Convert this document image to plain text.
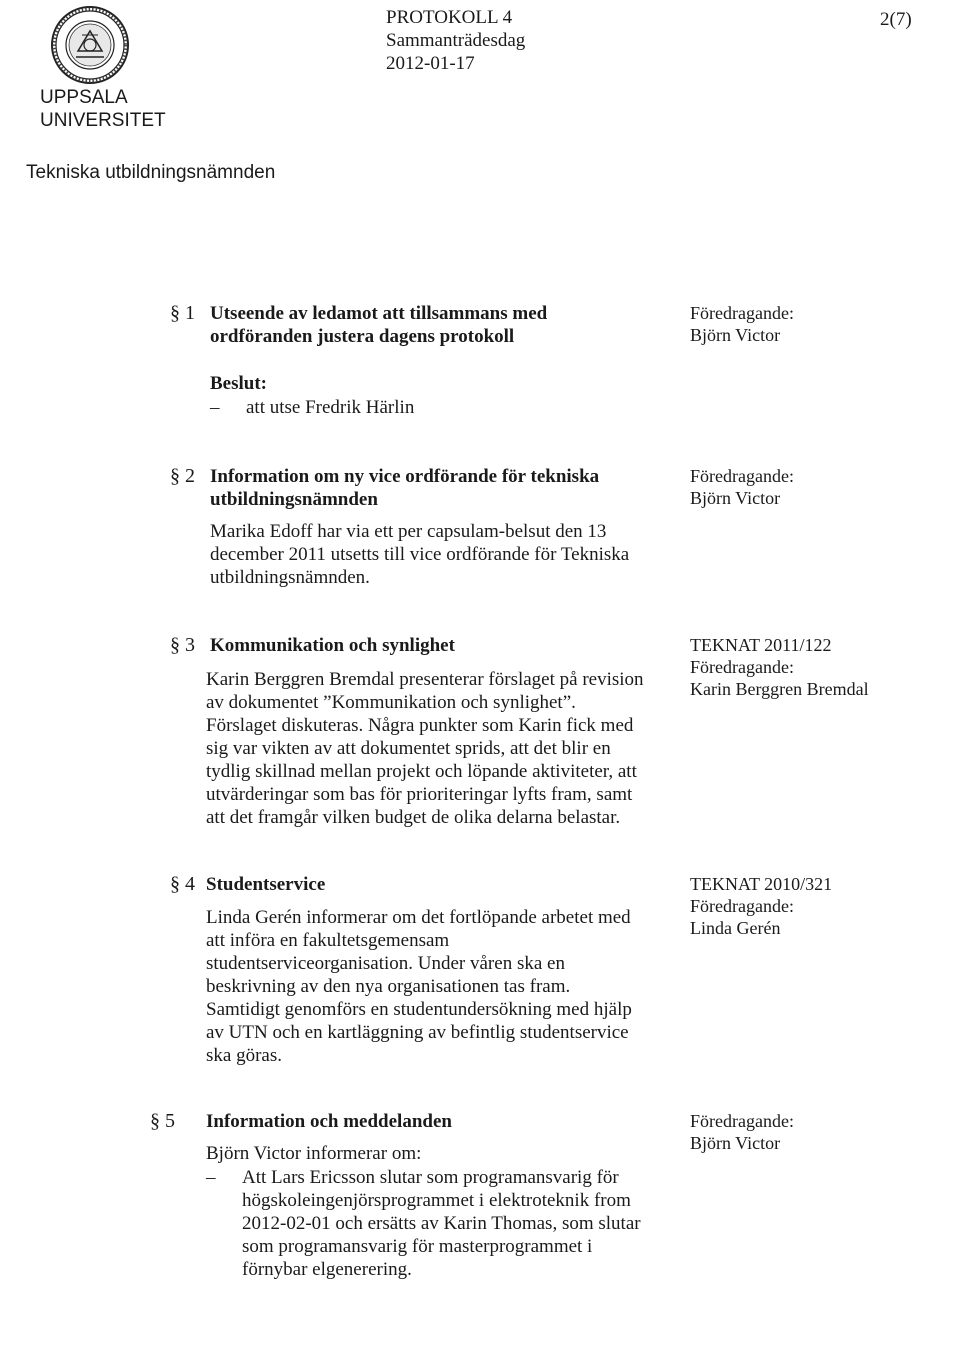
UPPSALA
UNIVERSITET
Tekniska utbildningsnämnden
PROTOKOLL 4
Sammanträdesdag
2012-01-17
2(7)
§ 1 Utseende av ledamot att tillsammans med
ordföranden justera dagens protokoll
Beslut:
– att utse Fredrik Härlin
Föredragande:
Björn Victor
§ 2 Information om ny vice ordförande för tekniska
utbildningsnämnden
Marika Edoff har via ett per capsulam-belsut den 13
december 2011 utsetts till vice ordförande för Tekniska
utbildningsnämnden.
Föredragande:
Björn Victor
§ 3 Kommunikation och synlighet
Karin Berggren Bremdal presenterar förslaget på revision
av dokumentet ”Kommunikation och synlighet”.
Förslaget diskuteras. Några punkter som Karin fick med
sig var vikten av att dokumentet sprids, att det blir en
tydlig skillnad mellan projekt och löpande aktiviteter, att
utvärderingar som bas för prioriteringar lyfts fram, samt
att det framgår vilken budget de olika delarna belastar.
TEKNAT 2011/122
Föredragande:
Karin Berggren Bremdal
§ 4 Studentservice
Linda Gerén informerar om det fortlöpande arbetet med
att införa en fakultetsgemensam
studentserviceorganisation. Under våren ska en
beskrivning av den nya organisationen tas fram.
Samtidigt genomförs en studentundersökning med hjälp
av UTN och en kartläggning av befintlig studentservice
ska göras.
TEKNAT 2010/321
Föredragande:
Linda Gerén
§ 5 Information och meddelanden
Björn Victor informerar om:
– Att Lars Ericsson slutar som programansvarig för
högskoleingenjörsprogrammet i elektroteknik from
2012-02-01 och ersätts av Karin Thomas, som slutar
som programansvarig för masterprogrammet i
förnybar elgenerering.
Föredragande:
Björn Victor
